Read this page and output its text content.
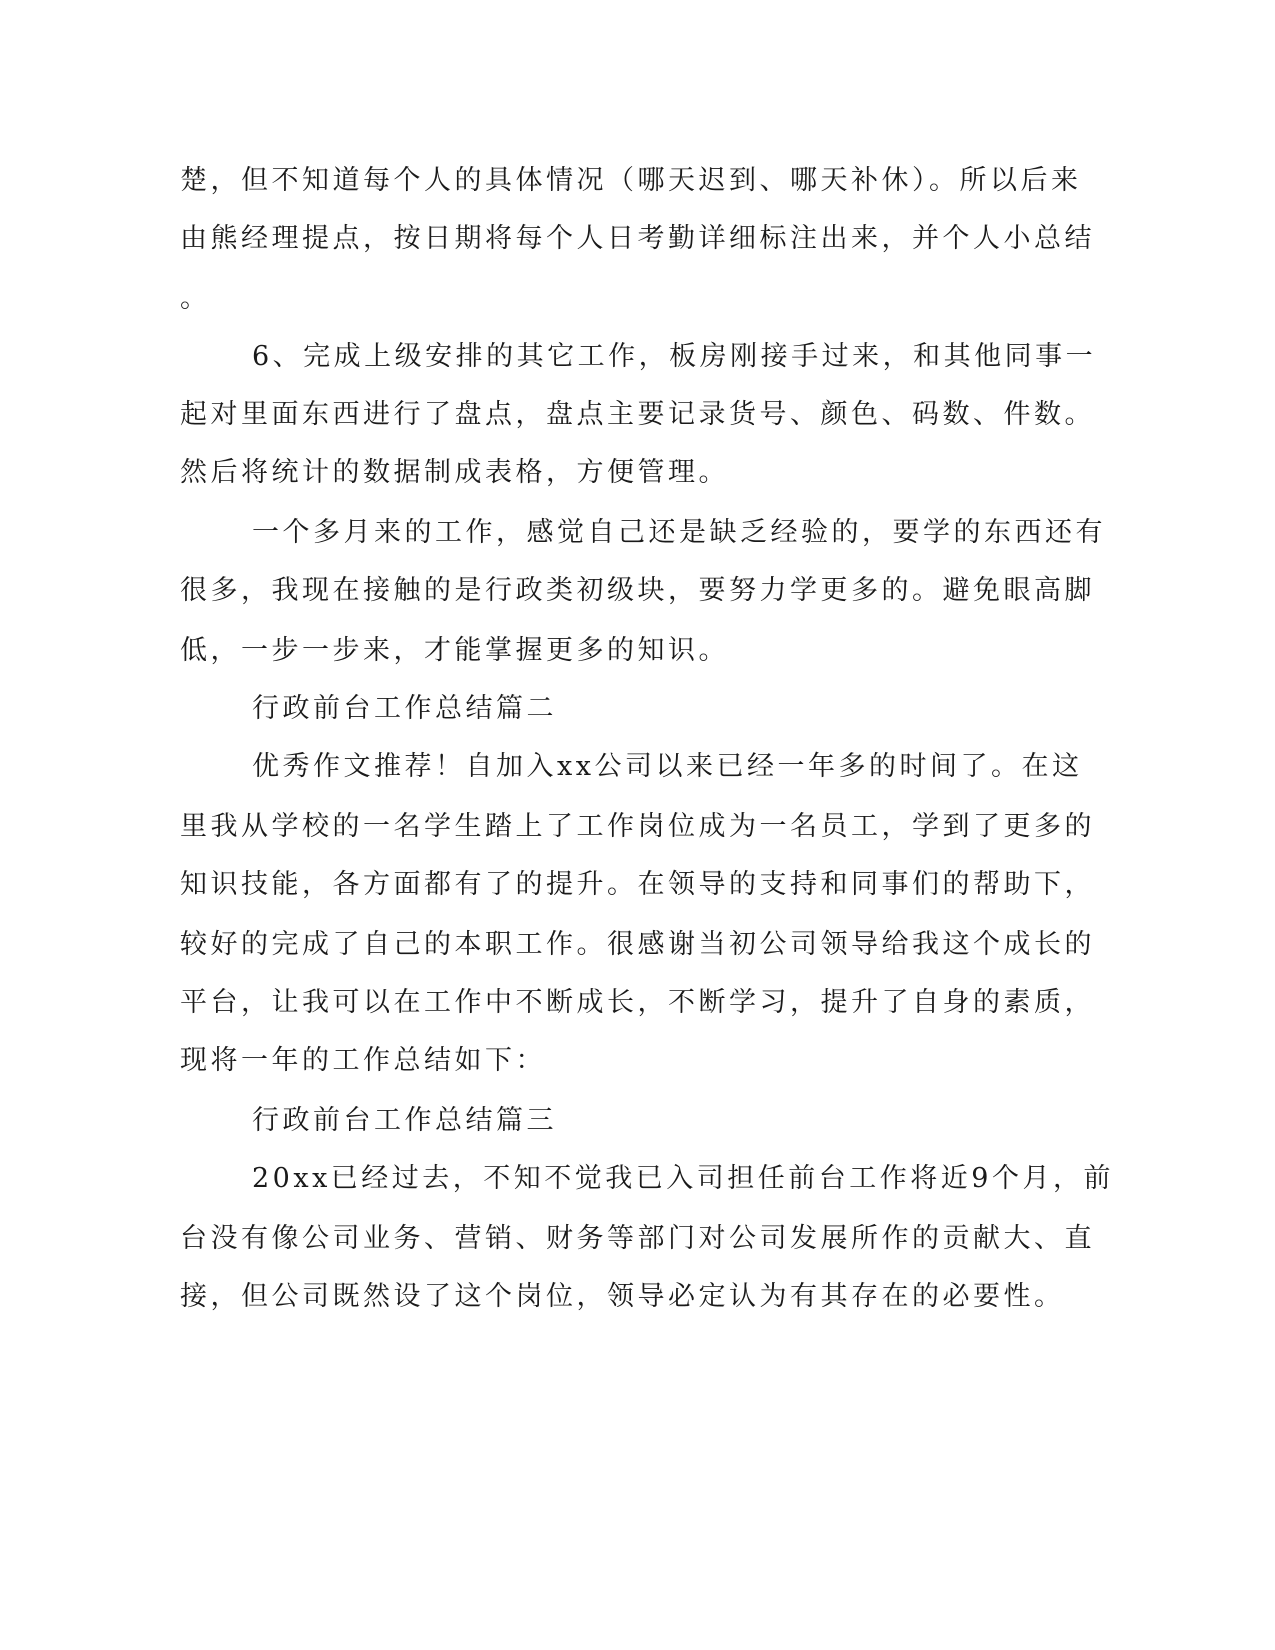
楚，但不知道每个人的具体情况（哪天迟到、哪天补休）。所以后来
由熊经理提点，按日期将每个人日考勤详细标注出来，并个人小总结
。
6、完成上级安排的其它工作，板房刚接手过来，和其他同事一
起对里面东西进行了盘点，盘点主要记录货号、颜色、码数、件数。
然后将统计的数据制成表格，方便管理。
一个多月来的工作，感觉自己还是缺乏经验的，要学的东西还有
很多，我现在接触的是行政类初级块，要努力学更多的。避免眼高脚
低，一步一步来，才能掌握更多的知识。
行政前台工作总结篇二
优秀作文推荐！自加入xx公司以来已经一年多的时间了。在这
里我从学校的一名学生踏上了工作岗位成为一名员工，学到了更多的
知识技能，各方面都有了的提升。在领导的支持和同事们的帮助下，
较好的完成了自己的本职工作。很感谢当初公司领导给我这个成长的
平台，让我可以在工作中不断成长，不断学习，提升了自身的素质，
现将一年的工作总结如下：
行政前台工作总结篇三
20xx已经过去，不知不觉我已入司担任前台工作将近9个月，前
台没有像公司业务、营销、财务等部门对公司发展所作的贡献大、直
接，但公司既然设了这个岗位，领导必定认为有其存在的必要性。
